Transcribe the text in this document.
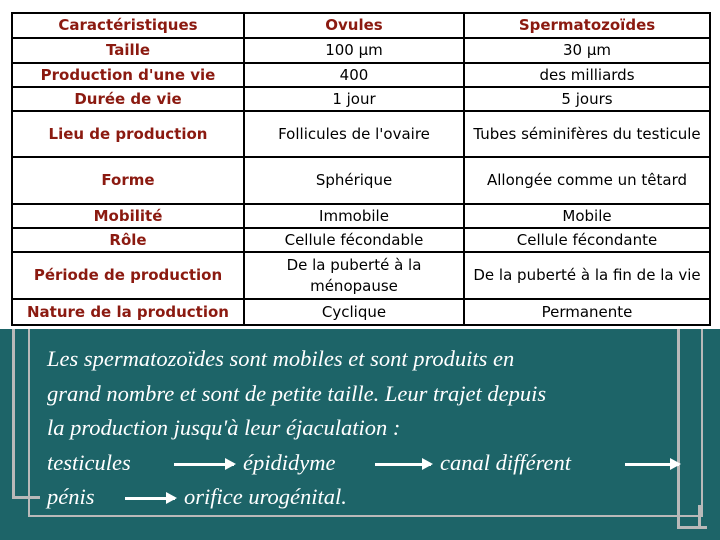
Caractéristiques	Ovules	Spermatozoïdes
Taille	100 µm	30 µm
Production d'une vie	400	des milliards
Durée de vie	1 jour	5 jours
Lieu de production	Follicules de l'ovaire	Tubes séminifères du testicule
Forme	Sphérique	Allongée comme un têtard
Mobilité	Immobile	Mobile
Rôle	Cellule fécondable	Cellule fécondante
Période de production	De la puberté à la ménopause	De la puberté à la fin de la vie
Nature de la production	Cyclique	Permanente
Les spermatozoïdes sont mobiles et sont produits en
grand nombre et sont de petite taille. Leur trajet depuis
la production jusqu'à leur éjaculation :
testicules	épididyme	canal différent
pénis	orifice urogénital.
